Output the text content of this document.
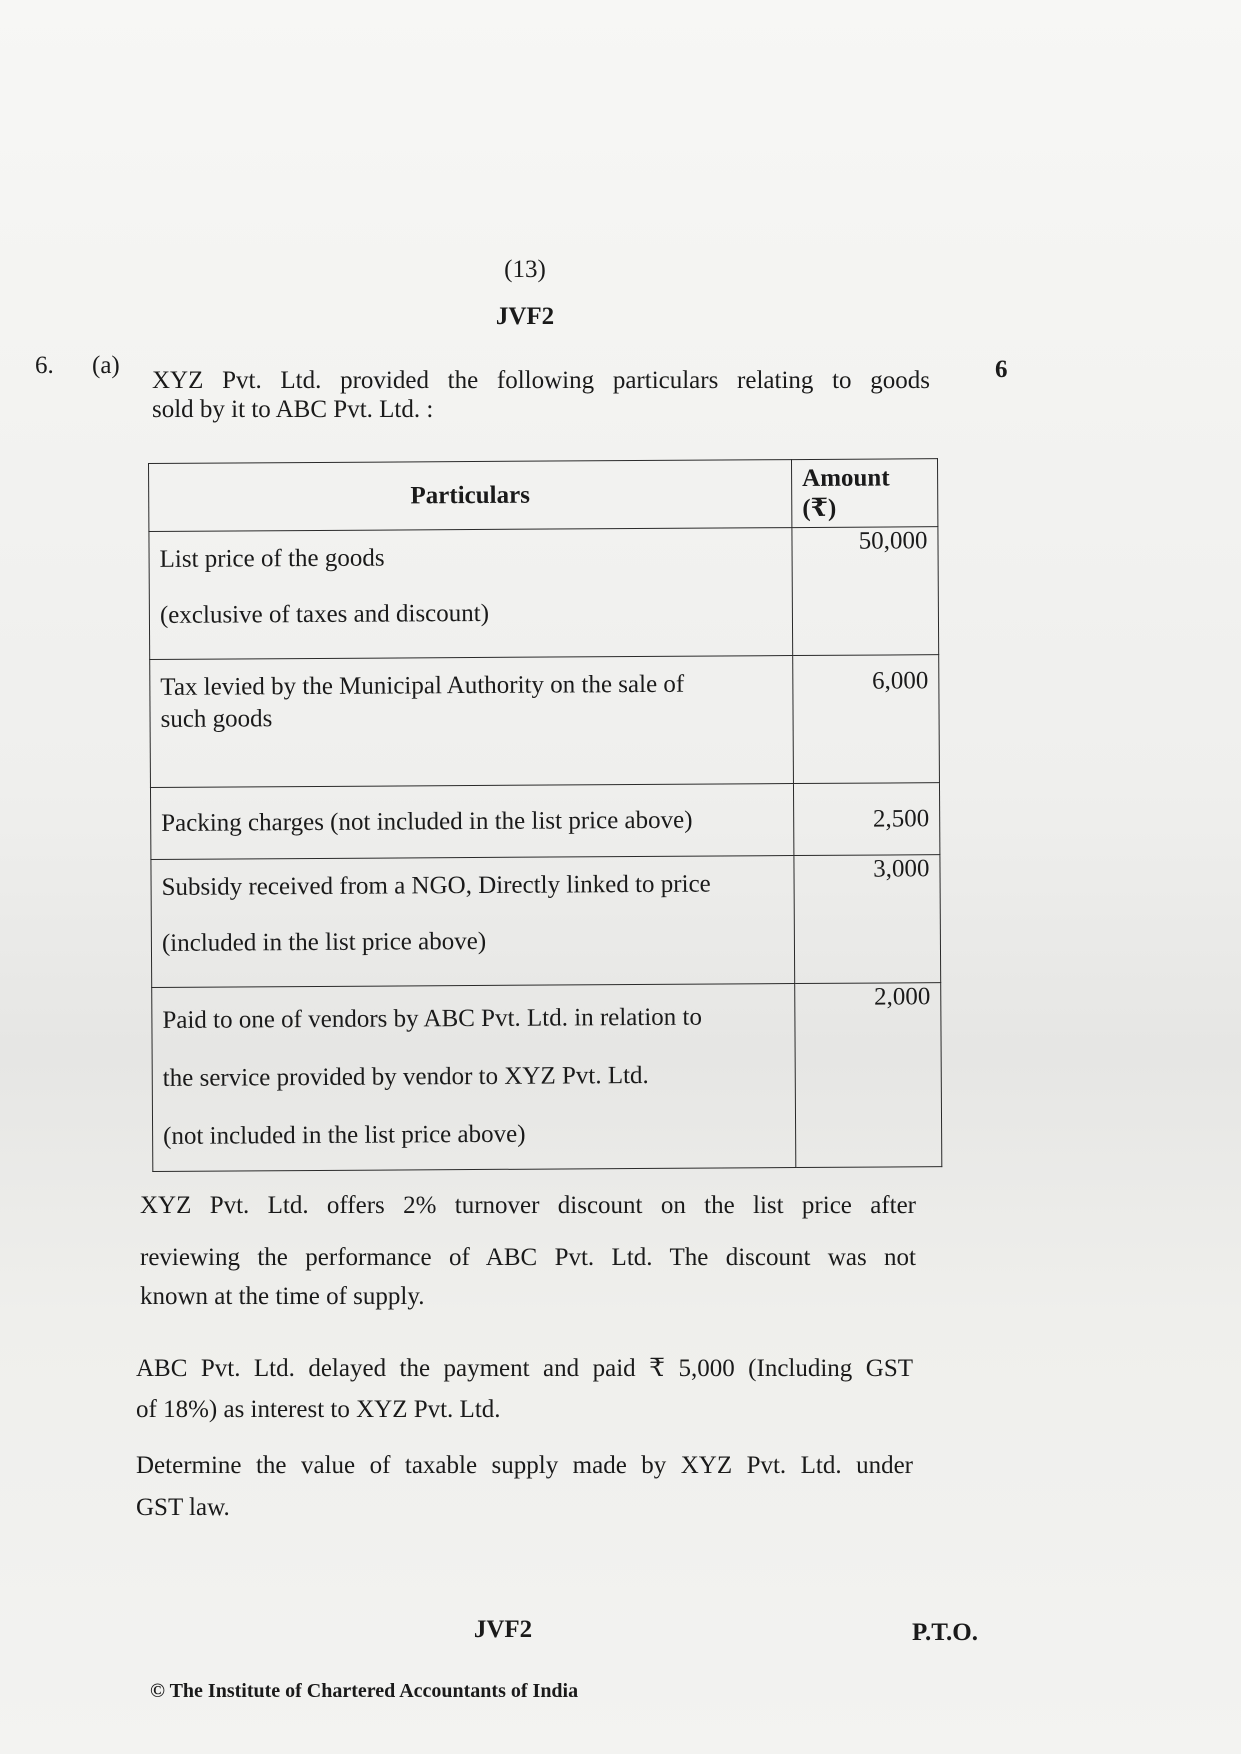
(13)
JVF2
6. (a)
XYZ Pvt. Ltd. provided the following particulars relating to goods
sold by it to ABC Pvt. Ltd. :
6
Particulars	Amount (₹)

List price of the goods
(exclusive of taxes and discount)	50,000

Tax levied by the Municipal Authority on the sale of
such goods	6,000

Packing charges (not included in the list price above)	2,500

Subsidy received from a NGO, Directly linked to price
(included in the list price above)	3,000

Paid to one of vendors by ABC Pvt. Ltd. in relation to
the service provided by vendor to XYZ Pvt. Ltd.
(not included in the list price above)	2,000
XYZ Pvt. Ltd. offers 2% turnover discount on the list price after
reviewing the performance of ABC Pvt. Ltd. The discount was not
known at the time of supply.
ABC Pvt. Ltd. delayed the payment and paid ₹ 5,000 (Including GST
of 18%) as interest to XYZ Pvt. Ltd.
Determine the value of taxable supply made by XYZ Pvt. Ltd. under
GST law.
JVF2	P.T.O.
© The Institute of Chartered Accountants of India
